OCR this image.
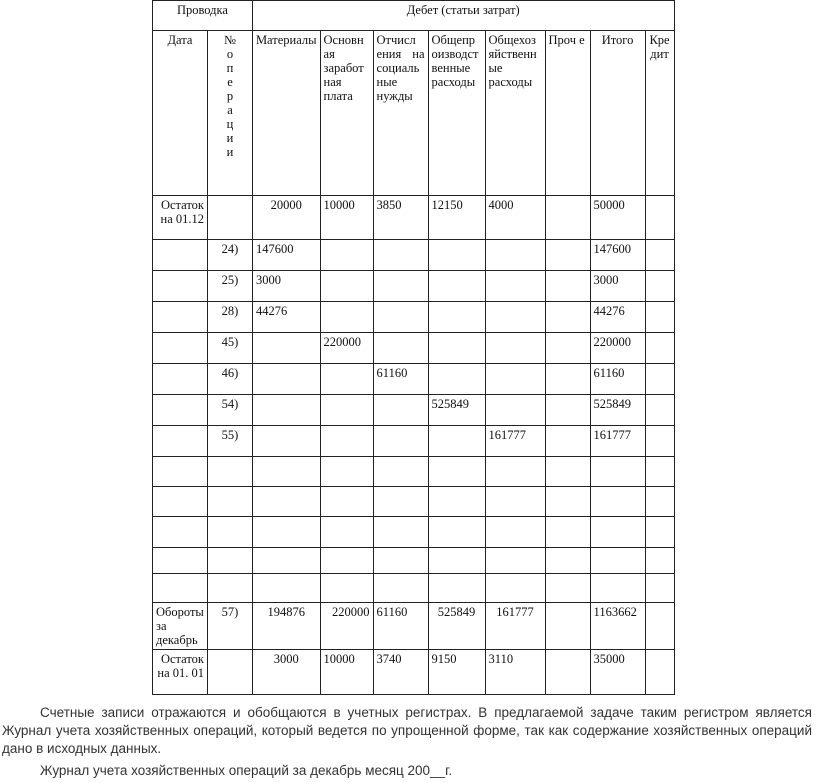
Проводка		Дебет (статьи затрат)							
Дата	№ о п е р а ц и и	Материалы	Основн ая заработ ная плата	Отчисл ения на социаль ные нужды	Общепр оизводст венные расходы	Общехоз яйственн ые расходы	Проч е	Итого	Кре дит
Остаток на 01.12		20000	10000	3850	12150	4000		50000	
	24)	147600						147600	
	25)	3000						3000	
	28)	44276						44276	
	45)		220000					220000	
	46)			61160				61160	
	54)				525849			525849	
	55)					161777		161777	

Обороты за декабрь	57)	194876	220000	61160	525849	161777		1163662	
Остаток на 01. 01		3000	10000	3740	9150	3110		35000	

Счетные записи отражаются и обобщаются в учетных регистрах. В предлагаемой задаче таким регистром является Журнал учета хозяйственных операций, который ведется по упрощенной форме, так как содержание хозяйственных операций дано в исходных данных.

Журнал учета хозяйственных операций за декабрь месяц 200__г.
